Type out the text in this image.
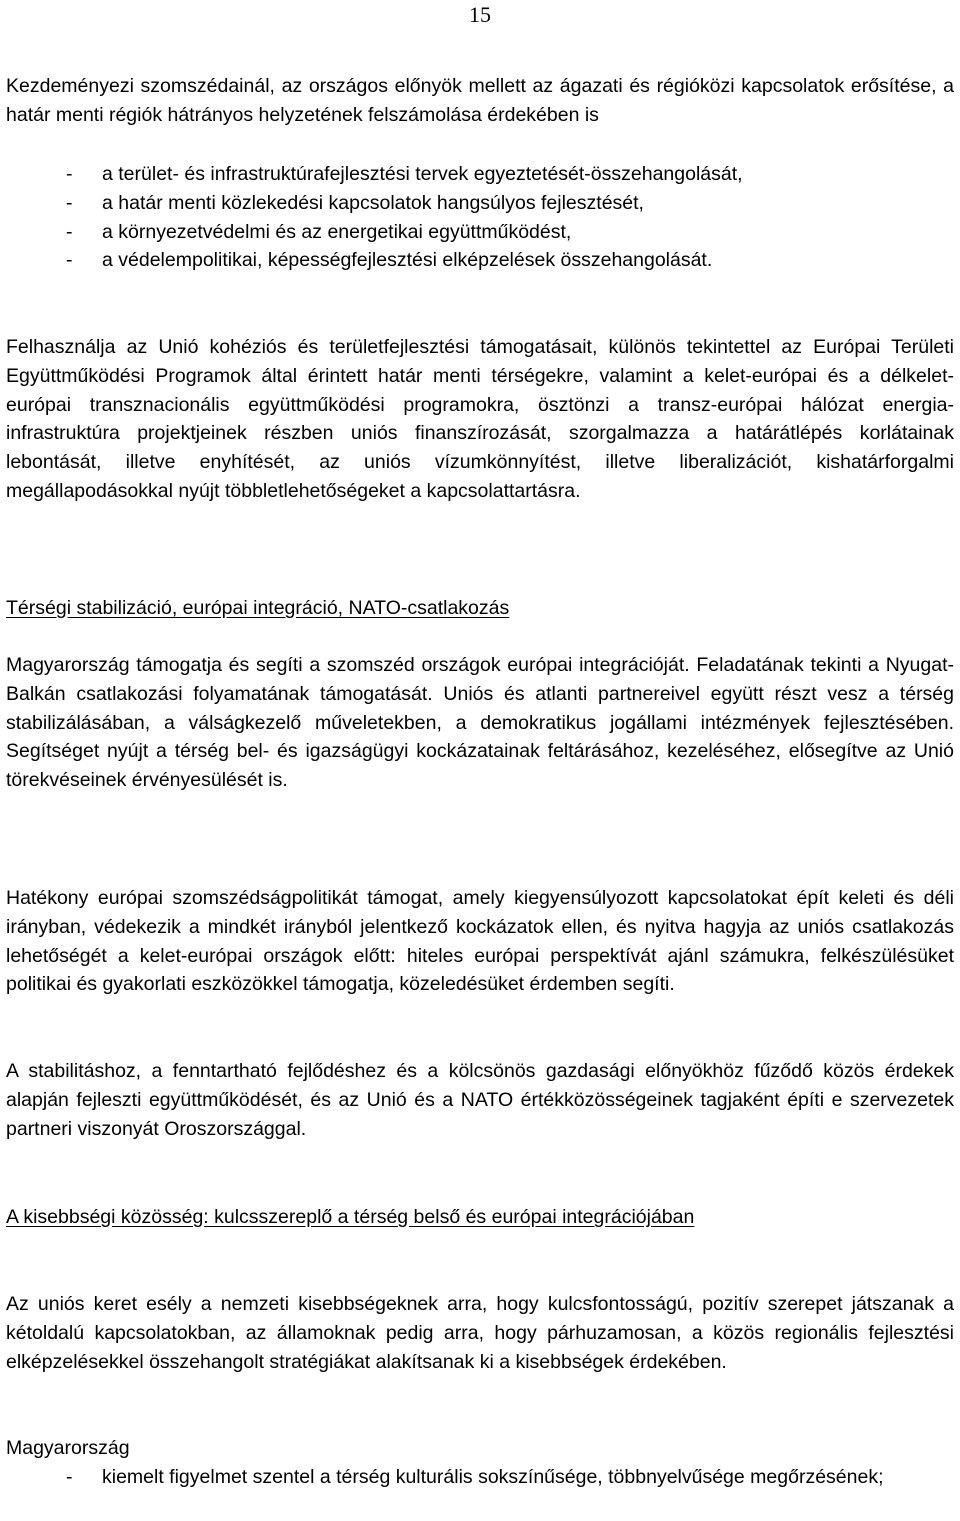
15
Kezdeményezi szomszédainál, az országos előnyök mellett az ágazati és régióközi kapcsolatok erősítése, a határ menti régiók hátrányos helyzetének felszámolása érdekében is
- a terület- és infrastruktúrafejlesztési tervek egyeztetését-összehangolását,
- a határ menti közlekedési kapcsolatok hangsúlyos fejlesztését,
- a környezetvédelmi és az energetikai együttműködést,
- a védelempolitikai, képességfejlesztési elképzelések összehangolását.
Felhasználja az Unió kohéziós és területfejlesztési támogatásait, különös tekintettel az Európai Területi Együttműködési Programok által érintett határ menti térségekre, valamint a kelet-európai és a délkelet-európai transznacionális együttműködési programokra, ösztönzi a transz-európai hálózat energia-infrastruktúra projektjeinek részben uniós finanszírozását, szorgalmazza a határátlépés korlátainak lebontását, illetve enyhítését, az uniós vízumkönnyítést, illetve liberalizációt, kishatárforgalmi megállapodásokkal nyújt többletlehetőségeket a kapcsolattartásra.
Térségi stabilizáció, európai integráció, NATO-csatlakozás
Magyarország támogatja és segíti a szomszéd országok európai integrációját. Feladatának tekinti a Nyugat-Balkán csatlakozási folyamatának támogatását. Uniós és atlanti partnereivel együtt részt vesz a térség stabilizálásában, a válságkezelő műveletekben, a demokratikus jogállami intézmények fejlesztésében. Segítséget nyújt a térség bel- és igazságügyi kockázatainak feltárásához, kezeléséhez, elősegítve az Unió törekvéseinek érvényesülését is.
Hatékony európai szomszédságpolitikát támogat, amely kiegyensúlyozott kapcsolatokat épít keleti és déli irányban, védekezik a mindkét irányból jelentkező kockázatok ellen, és nyitva hagyja az uniós csatlakozás lehetőségét a kelet-európai országok előtt: hiteles európai perspektívát ajánl számukra, felkészülésüket politikai és gyakorlati eszközökkel támogatja, közeledésüket érdemben segíti.
A stabilitáshoz, a fenntartható fejlődéshez és a kölcsönös gazdasági előnyökhöz fűződő közös érdekek alapján fejleszti együttműködését, és az Unió és a NATO értékközösségeinek tagjaként építi e szervezetek partneri viszonyát Oroszországgal.
A kisebbségi közösség: kulcsszereplő a térség belső és európai integrációjában
Az uniós keret esély a nemzeti kisebbségeknek arra, hogy kulcsfontosságú, pozitív szerepet játszanak a kétoldalú kapcsolatokban, az államoknak pedig arra, hogy párhuzamosan, a közös regionális fejlesztési elképzelésekkel összehangolt stratégiákat alakítsanak ki a kisebbségek érdekében.
Magyarország
- kiemelt figyelmet szentel a térség kulturális sokszínűsége, többnyelvűsége megőrzésének;
